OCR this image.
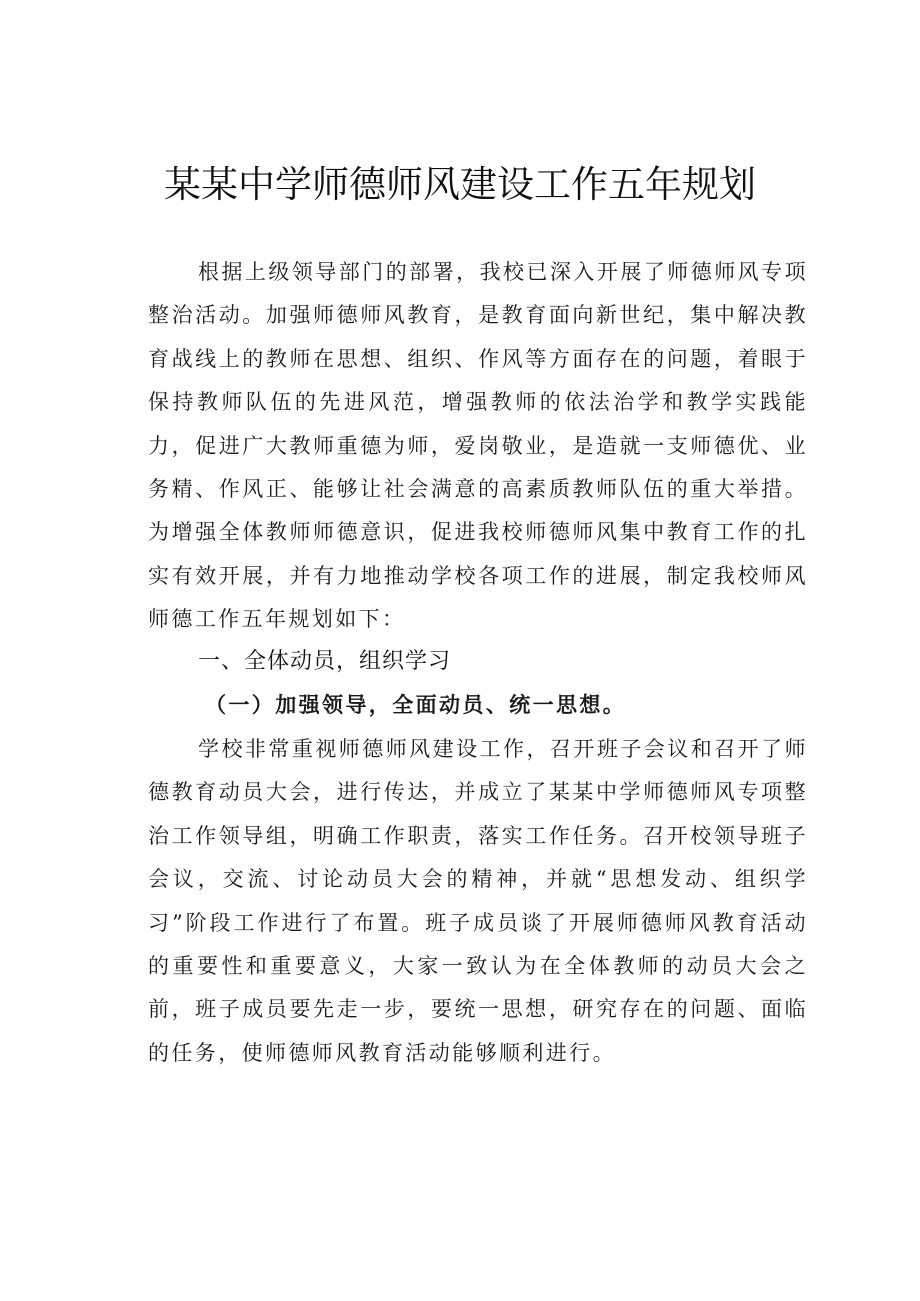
某某中学师德师风建设工作五年规划

根据上级领导部门的部署，我校已深入开展了师德师风专项整治活动。加强师德师风教育，是教育面向新世纪，集中解决教育战线上的教师在思想、组织、作风等方面存在的问题，着眼于保持教师队伍的先进风范，增强教师的依法治学和教学实践能力，促进广大教师重德为师，爱岗敬业，是造就一支师德优、业务精、作风正、能够让社会满意的高素质教师队伍的重大举措。为增强全体教师师德意识，促进我校师德师风集中教育工作的扎实有效开展，并有力地推动学校各项工作的进展，制定我校师风师德工作五年规划如下：

一、全体动员，组织学习
（一）加强领导，全面动员、统一思想。

学校非常重视师德师风建设工作，召开班子会议和召开了师德教育动员大会，进行传达，并成立了某某中学师德师风专项整治工作领导组，明确工作职责，落实工作任务。召开校领导班子会议，交流、讨论动员大会的精神，并就“思想发动、组织学习”阶段工作进行了布置。班子成员谈了开展师德师风教育活动的重要性和重要意义，大家一致认为在全体教师的动员大会之前，班子成员要先走一步，要统一思想，研究存在的问题、面临的任务，使师德师风教育活动能够顺利进行。
